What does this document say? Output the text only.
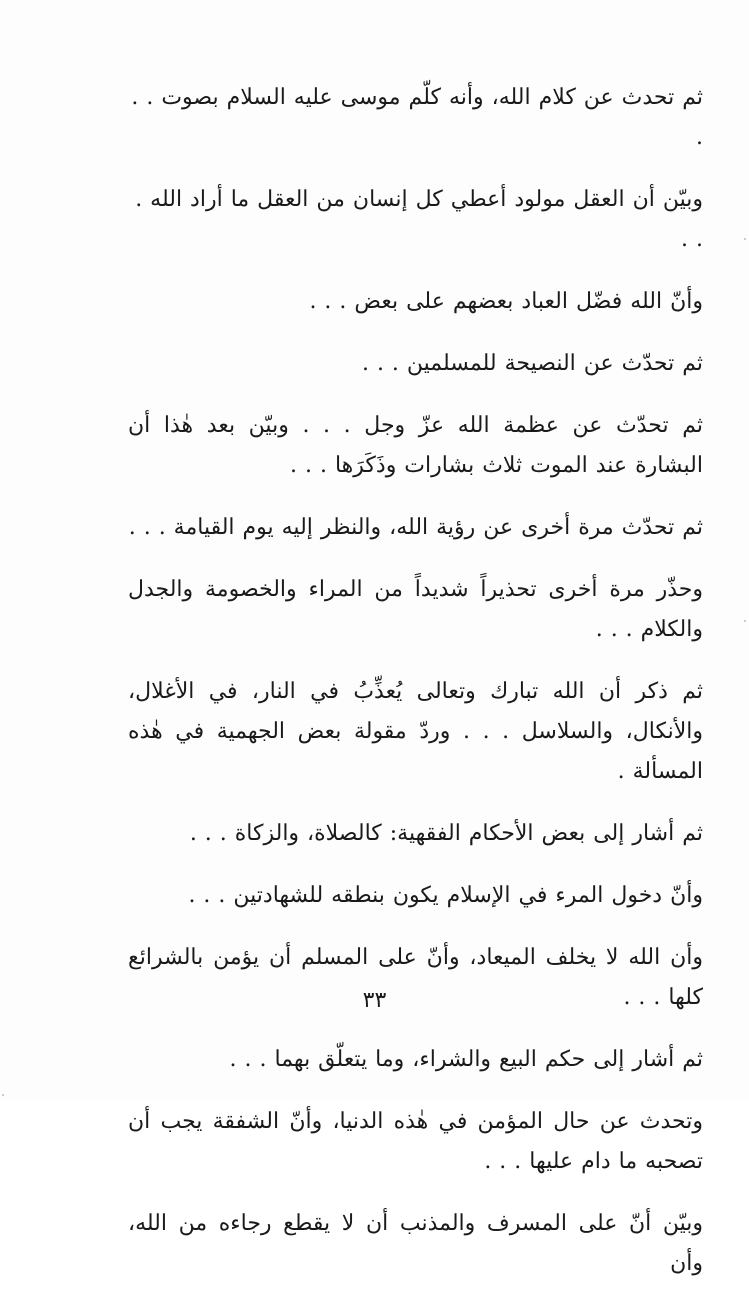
ثم تحدث عن كلام الله، وأنه كلّم موسى عليه السلام بصوت . . .

وبيّن أن العقل مولود أعطي كل إنسان من العقل ما أراد الله . . .

وأنّ الله فضّل العباد بعضهم على بعض . . .

ثم تحدّث عن النصيحة للمسلمين . . .

ثم تحدّث عن عظمة الله عزّ وجل . . . وبيّن بعد هٰذا أن البشارة عند الموت ثلاث بشارات وذَكَرَها . . .

ثم تحدّث مرة أخرى عن رؤية الله، والنظر إليه يوم القيامة . . .

وحذّر مرة أخرى تحذيراً شديداً من المراء والخصومة والجدل والكلام . . .

ثم ذكر أن الله تبارك وتعالى يُعذِّبُ في النار، في الأغلال، والأنكال، والسلاسل . . . وردّ مقولة بعض الجهمية في هٰذه المسألة .

ثم أشار إلى بعض الأحكام الفقهية: كالصلاة، والزكاة . . .

وأنّ دخول المرء في الإسلام يكون بنطقه للشهادتين . . .

وأن الله لا يخلف الميعاد، وأنّ على المسلم أن يؤمن بالشرائع كلها . . .

ثم أشار إلى حكم البيع والشراء، وما يتعلّق بهما . . .

وتحدث عن حال المؤمن في هٰذه الدنيا، وأنّ الشفقة يجب أن تصحبه ما دام عليها . . .

وبيّن أنّ على المسرف والمذنب أن لا يقطع رجاءه من الله، وأن

٣٣
